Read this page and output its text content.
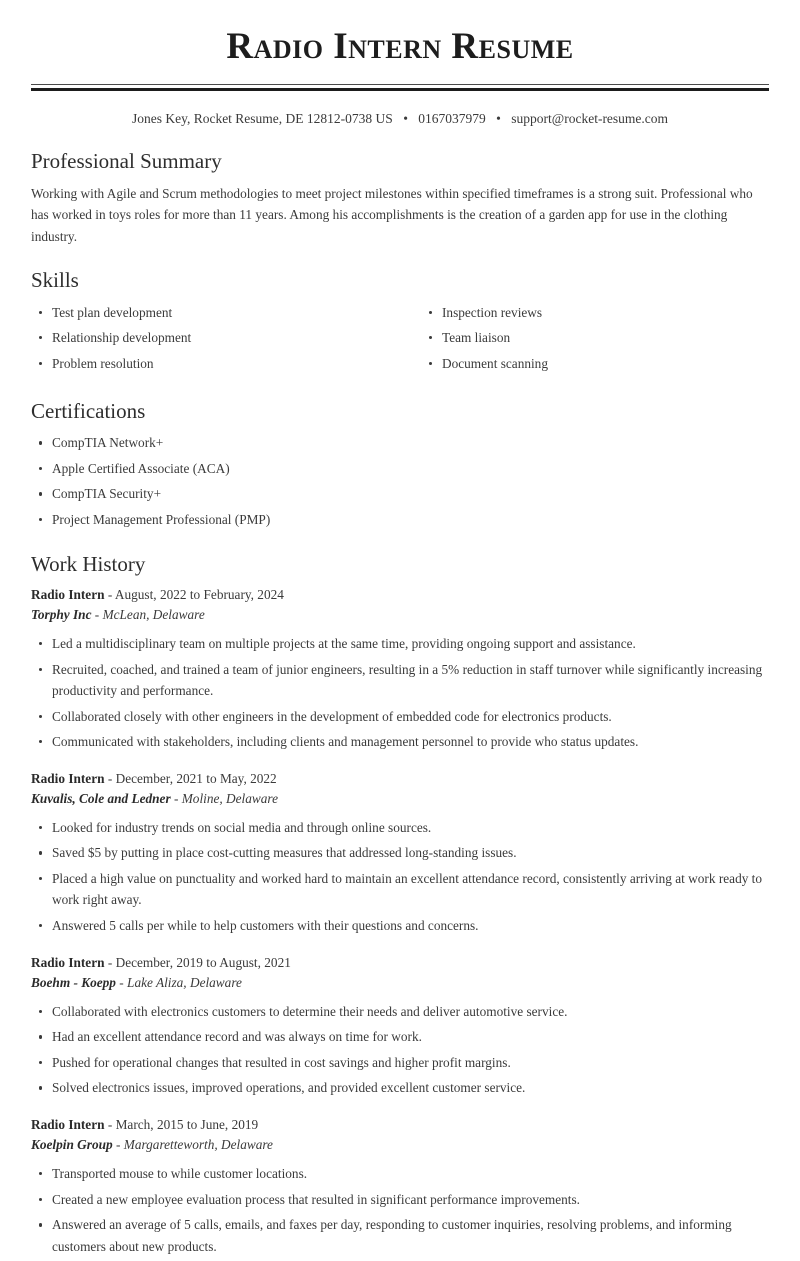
Radio Intern Resume
Jones Key, Rocket Resume, DE 12812-0738 US • 0167037979 • support@rocket-resume.com
Professional Summary

Working with Agile and Scrum methodologies to meet project milestones within specified timeframes is a strong suit. Professional who has worked in toys roles for more than 11 years. Among his accomplishments is the creation of a garden app for use in the clothing industry.

Skills
Test plan development
Relationship development
Problem resolution
Inspection reviews
Team liaison
Document scanning
Certifications
CompTIA Network+
Apple Certified Associate (ACA)
CompTIA Security+
Project Management Professional (PMP)
Work History
Radio Intern - August, 2022 to February, 2024
Torphy Inc - McLean, Delaware
Led a multidisciplinary team on multiple projects at the same time, providing ongoing support and assistance.
Recruited, coached, and trained a team of junior engineers, resulting in a 5% reduction in staff turnover while significantly increasing productivity and performance.
Collaborated closely with other engineers in the development of embedded code for electronics products.
Communicated with stakeholders, including clients and management personnel to provide who status updates.
Radio Intern - December, 2021 to May, 2022
Kuvalis, Cole and Ledner - Moline, Delaware
Looked for industry trends on social media and through online sources.
Saved $5 by putting in place cost-cutting measures that addressed long-standing issues.
Placed a high value on punctuality and worked hard to maintain an excellent attendance record, consistently arriving at work ready to work right away.
Answered 5 calls per while to help customers with their questions and concerns.
Radio Intern - December, 2019 to August, 2021
Boehm - Koepp - Lake Aliza, Delaware
Collaborated with electronics customers to determine their needs and deliver automotive service.
Had an excellent attendance record and was always on time for work.
Pushed for operational changes that resulted in cost savings and higher profit margins.
Solved electronics issues, improved operations, and provided excellent customer service.
Radio Intern - March, 2015 to June, 2019
Koelpin Group - Margaretteworth, Delaware
Transported mouse to while customer locations.
Created a new employee evaluation process that resulted in significant performance improvements.
Answered an average of 5 calls, emails, and faxes per day, responding to customer inquiries, resolving problems, and informing customers about new products.
